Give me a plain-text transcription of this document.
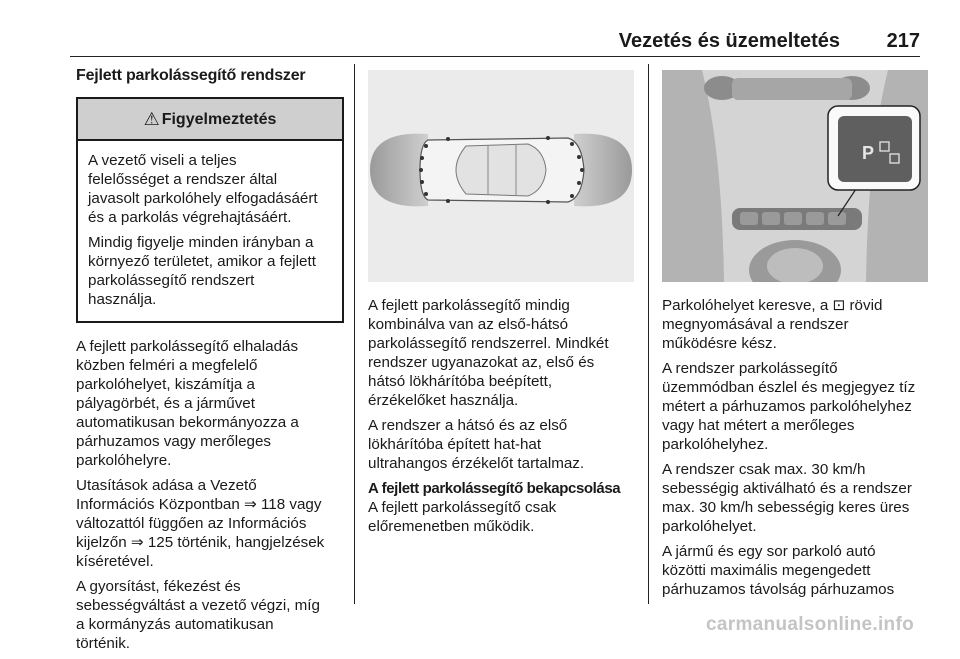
Vezetés és üzemeltetés 217
Fejlett parkolássegítő rendszer
⚠ Figyelmeztetés

A vezető viseli a teljes
felelősséget a rendszer által
javasolt parkolóhely elfogadásáért
és a parkolás végrehajtásáért.

Mindig figyelje minden irányban a
környező területet, amikor a fejlett
parkolássegítő rendszert
használja.

A fejlett parkolássegítő elhaladás
közben felméri a megfelelő
parkolóhelyet, kiszámítja a
pályagörbét, és a járművet
automatikusan bekormányozza a
párhuzamos vagy merőleges
parkolóhelyre.

Utasítások adása a Vezető
Információs Központban ⇒ 118 vagy
változattól függően az Információs
kijelzőn ⇒ 125 történik, hangjelzések
kíséretével.

A gyorsítást, fékezést és
sebességváltást a vezető végzi, míg
a kormányzás automatikusan
történik.

A fejlett parkolássegítő mindig
kombinálva van az első-hátsó
parkolássegítő rendszerrel. Mindkét
rendszer ugyanazokat az, első és
hátsó lökhárítóba beépített,
érzékelőket használja.

A rendszer a hátsó és az első
lökhárítóba épített hat-hat
ultrahangos érzékelőt tartalmaz.

A fejlett parkolássegítő bekapcsolása

A fejlett parkolássegítő csak
előremenetben működik.

P

Parkolóhelyet keresve, a ⊡ rövid
megnyomásával a rendszer
működésre kész.

A rendszer parkolássegítő
üzemmódban észlel és megjegyez tíz
métert a párhuzamos parkolóhelyhez
vagy hat métert a merőleges
parkolóhelyhez.

A rendszer csak max. 30 km/h
sebességig aktiválható és a rendszer
max. 30 km/h sebességig keres üres
parkolóhelyet.

A jármű és egy sor parkoló autó
közötti maximális megengedett
párhuzamos távolság párhuzamos

carmanualsonline.info
